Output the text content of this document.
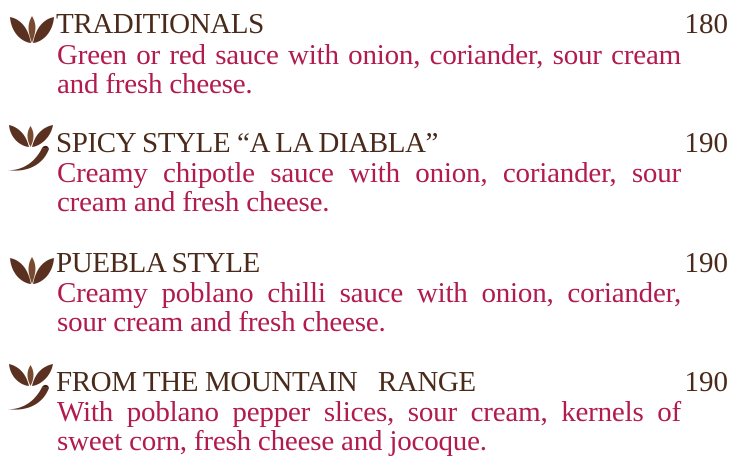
TRADITIONALS	180
Green or red sauce with onion, coriander, sour cream and fresh cheese.
SPICY STYLE “A LA DIABLA”	190
Creamy chipotle sauce with onion, coriander, sour cream and fresh cheese.
PUEBLA STYLE	190
Creamy poblano chilli sauce with onion, coriander, sour cream and fresh cheese.
FROM THE MOUNTAIN   RANGE	190
With poblano pepper slices, sour cream, kernels of sweet corn, fresh cheese and jocoque.
